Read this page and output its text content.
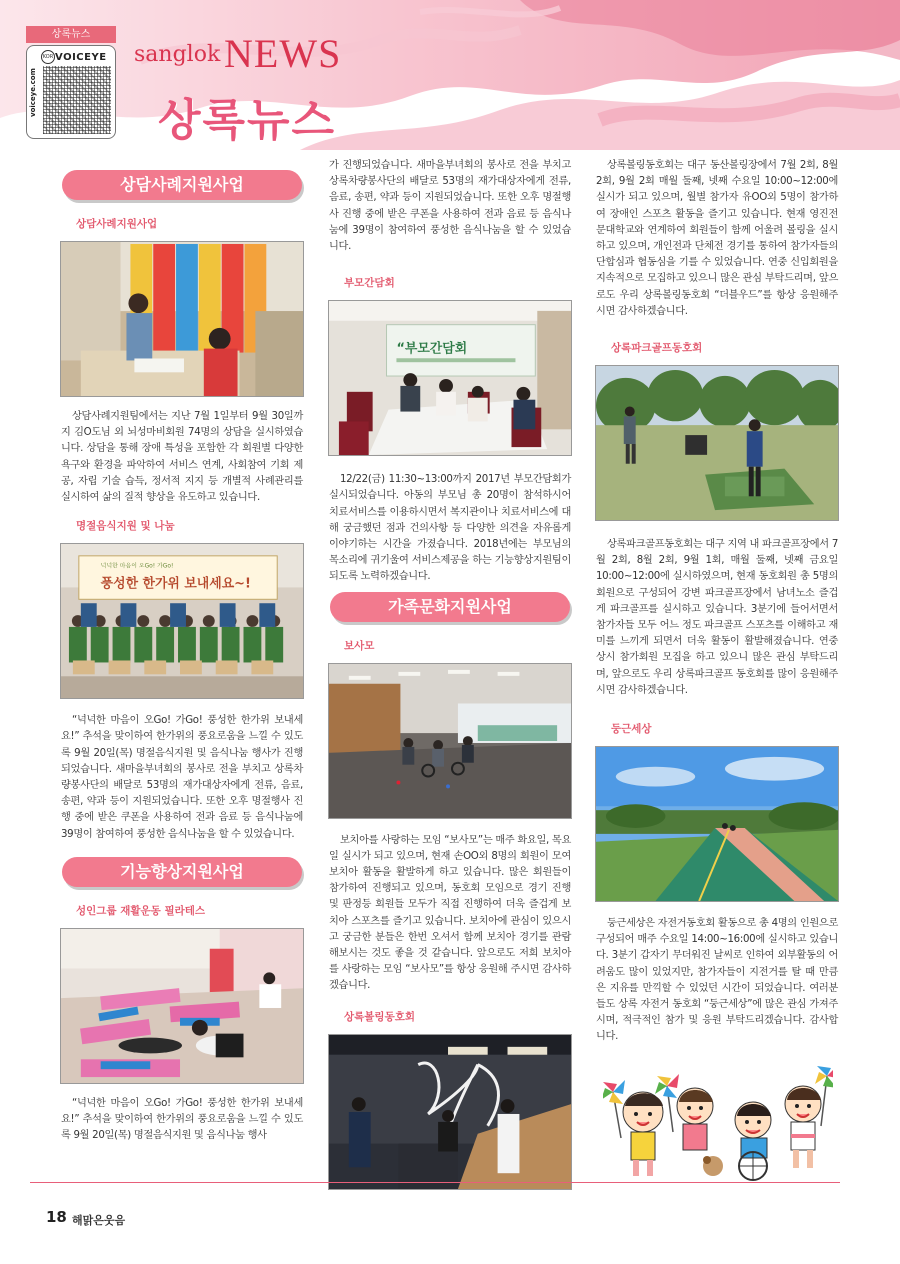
상록뉴스
KOR
voiceye.com
VOICEYE sanglok NEWS
상록뉴스
상담사례지원사업
상담사례지원사업
상담사례지원팀에서는 지난 7월 1일부터 9월 30일까지 김O도님 외 뇌성마비회원 74명의 상담을 실시하였습니다. 상담을 통해 장애 특성을 포함한 각 회원별 다양한 욕구와 환경을 파악하여 서비스 연계, 사회참여 기회 제공, 자립 기술 습득, 정서적 지지 등 개별적 사례관리를 실시하여 삶의 질적 향상을 유도하고 있습니다.
명절음식지원 및 나눔
넉넉한 마음이 오Go! 가Go!
풍성한 한가위 보내세요~!
“넉넉한 마음이 오Go! 가Go! 풍성한 한가위 보내세요!” 추석을 맞이하여 한가위의 풍요로움을 느낄 수 있도록 9월 20일(목) 명절음식지원 및 음식나눔 행사가 진행되었습니다. 새마을부녀회의 봉사로 전을 부치고 상록차량봉사단의 배달로 53명의 재가대상자에게 전류, 음료, 송편, 약과 등이 지원되었습니다. 또한 오후 명절행사 진행 중에 받은 쿠폰을 사용하여 전과 음료 등 음식나눔에 39명이 참여하여 풍성한 음식나눔을 할 수 있었습니다.
기능향상지원사업
성인그룹 재활운동 필라테스
“넉넉한 마음이 오Go! 가Go! 풍성한 한가위 보내세요!” 추석을 맞이하여 한가위의 풍요로움을 느낄 수 있도록 9월 20일(목) 명절음식지원 및 음식나눔 행사
가 진행되었습니다. 새마을부녀회의 봉사로 전을 부치고 상록차량봉사단의 배달로 53명의 재가대상자에게 전류, 음료, 송편, 약과 등이 지원되었습니다. 또한 오후 명절행사 진행 중에 받은 쿠폰을 사용하여 전과 음료 등 음식나눔에 39명이 참여하여 풍성한 음식나눔을 할 수 있었습니다.
부모간담회
“부모간담회
12/22(금) 11:30~13:00까지 2017년 부모간담회가 실시되었습니다. 아동의 부모님 총 20명이 참석하시어 치료서비스를 이용하시면서 복지관이나 치료서비스에 대해 궁금했던 점과 건의사항 등 다양한 의견을 자유롭게 이야기하는 시간을 가졌습니다. 2018년에는 부모님의 목소리에 귀기울여 서비스제공을 하는 기능향상지원팀이 되도록 노력하겠습니다.
가족문화지원사업
보사모
보치아를 사랑하는 모임 “보사모”는 매주 화요일, 목요일 실시가 되고 있으며, 현재 손OO외 8명의 회원이 모여 보치아 활동을 활발하게 하고 있습니다. 많은 회원들이 참가하여 진행되고 있으며, 동호회 모임으로 경기 진행 및 판정등 회원들 모두가 직접 진행하여 더욱 즐겁게 보치아 스포츠를 즐기고 있습니다. 보치아에 관심이 있으시고 궁금한 분들은 한번 오셔서 함께 보치아 경기를 관람해보시는 것도 좋을 것 같습니다. 앞으로도 저희 보치아를 사랑하는 모임 “보사모”를 항상 응원해 주시면 감사하겠습니다.
상록볼링동호회
상록볼링동호회는 대구 동산볼링장에서 7월 2회, 8월 2회, 9월 2회 매월 둘째, 넷째 수요일 10:00~12:00에 실시가 되고 있으며, 월별 참가자 유OO외 5명이 참가하여 장애인 스포츠 활동을 즐기고 있습니다. 현재 영진전문대학교와 연계하여 회원들이 함께 어울려 볼링을 실시하고 있으며, 개인전과 단체전 경기를 통하여 참가자들의 단합심과 협동심을 기를 수 있었습니다. 연중 신입회원을 지속적으로 모집하고 있으니 많은 관심 부탁드리며, 앞으로도 우리 상록볼링동호회 “더블우드”를 항상 응원해주시면 감사하겠습니다.
상록파크골프동호회
상록파크골프동호회는 대구 지역 내 파크골프장에서 7월 2회, 8월 2회, 9월 1회, 매월 둘째, 넷째 금요일 10:00~12:00에 실시하였으며, 현재 동호회원 총 5명의 회원으로 구성되어 강변 파크골프장에서 남녀노소 즐겁게 파크골프를 실시하고 있습니다. 3분기에 들어서면서 참가자들 모두 어느 정도 파크골프 스포츠를 이해하고 재미를 느끼게 되면서 더욱 활동이 활발해졌습니다. 연중 상시 참가회원 모집을 하고 있으니 많은 관심 부탁드리며, 앞으로도 우리 상록파크골프 동호회를 많이 응원해주시면 감사하겠습니다.
둥근세상
둥근세상은 자전거동호회 활동으로 총 4명의 인원으로 구성되어 매주 수요일 14:00~16:00에 실시하고 있습니다. 3분기 갑자기 무더워진 날씨로 인하여 외부활동의 어려움도 많이 있었지만, 참가자들이 지전거를 탈 때 만큼은 지유를 만끽할 수 있었던 시간이 되었습니다. 여러분들도 상록 자전거 동호회 “둥근세상”에 많은 관심 가져주시며, 적극적인 참가 및 응원 부탁드리겠습니다. 감사합니다.
18 해맑은웃음
